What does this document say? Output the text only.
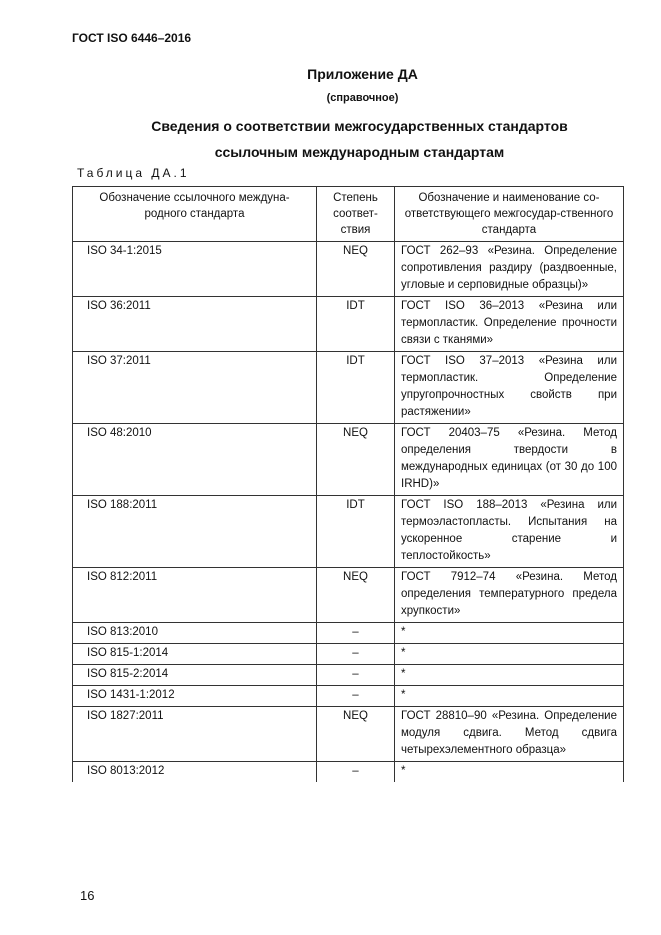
ГОСТ ISO 6446–2016
Приложение ДА
(справочное)
Сведения о соответствии межгосударственных стандартов
ссылочным международным стандартам
Таблица ДА.1
Обозначение ссылочного междуна-родного стандарта	Степень соответ-ствия	Обозначение и наименование со-ответствующего межгосудар-ственного стандарта
ISO 34-1:2015	NEQ	ГОСТ 262–93 «Резина. Определение сопротивления раздиру (раздвоенные, угловые и серповидные образцы)»
ISO 36:2011	IDT	ГОСТ ISO 36–2013 «Резина или термопластик. Определение прочности связи с тканями»
ISO 37:2011	IDT	ГОСТ ISO 37–2013 «Резина или термопластик. Определение упругопрочностных свойств при растяжении»
ISO 48:2010	NEQ	ГОСТ 20403–75 «Резина. Метод определения твердости в международных единицах (от 30 до 100 IRHD)»
ISO 188:2011	IDT	ГОСТ ISO 188–2013 «Резина или термоэластопласты. Испытания на ускоренное старение и теплостойкость»
ISO 812:2011	NEQ	ГОСТ 7912–74 «Резина. Метод определения температурного предела хрупкости»
ISO 813:2010	–	*
ISO 815-1:2014	–	*
ISO 815-2:2014	–	*
ISO 1431-1:2012	–	*
ISO 1827:2011	NEQ	ГОСТ 28810–90 «Резина. Определение модуля сдвига. Метод сдвига четырехэлементного образца»
ISO 8013:2012	–	*
16
